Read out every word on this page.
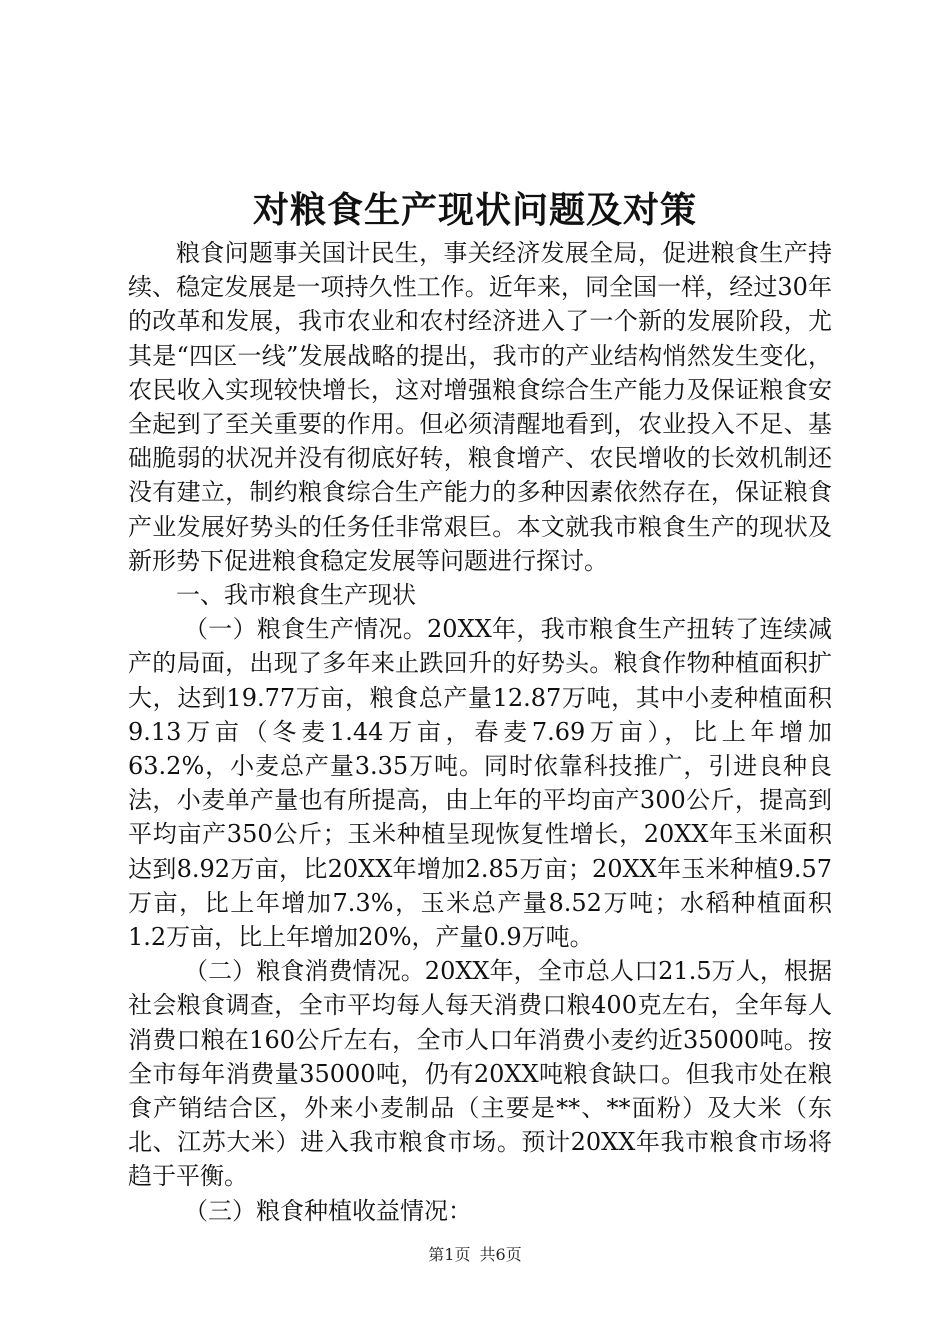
对粮食生产现状问题及对策

粮食问题事关国计民生，事关经济发展全局，促进粮食生产持续、稳定发展是一项持久性工作。近年来，同全国一样，经过30年的改革和发展，我市农业和农村经济进入了一个新的发展阶段，尤其是“四区一线”发展战略的提出，我市的产业结构悄然发生变化，农民收入实现较快增长，这对增强粮食综合生产能力及保证粮食安全起到了至关重要的作用。但必须清醒地看到，农业投入不足、基础脆弱的状况并没有彻底好转，粮食增产、农民增收的长效机制还没有建立，制约粮食综合生产能力的多种因素依然存在，保证粮食产业发展好势头的任务任非常艰巨。本文就我市粮食生产的现状及新形势下促进粮食稳定发展等问题进行探讨。

一、我市粮食生产现状

（一）粮食生产情况。20XX年，我市粮食生产扭转了连续减产的局面，出现了多年来止跌回升的好势头。粮食作物种植面积扩大，达到19.77万亩，粮食总产量12.87万吨，其中小麦种植面积9.13万亩（冬麦1.44万亩，春麦7.69万亩），比上年增加63.2%，小麦总产量3.35万吨。同时依靠科技推广，引进良种良法，小麦单产量也有所提高，由上年的平均亩产300公斤，提高到平均亩产350公斤；玉米种植呈现恢复性增长，20XX年玉米面积达到8.92万亩，比20XX年增加2.85万亩；20XX年玉米种植9.57万亩，比上年增加7.3%，玉米总产量8.52万吨；水稻种植面积1.2万亩，比上年增加20%，产量0.9万吨。

（二）粮食消费情况。20XX年，全市总人口21.5万人，根据社会粮食调查，全市平均每人每天消费口粮400克左右，全年每人消费口粮在160公斤左右，全市人口年消费小麦约近35000吨。按全市每年消费量35000吨，仍有20XX吨粮食缺口。但我市处在粮食产销结合区，外来小麦制品（主要是**、**面粉）及大米（东北、江苏大米）进入我市粮食市场。预计20XX年我市粮食市场将趋于平衡。

（三）粮食种植收益情况：

第1页 共6页
